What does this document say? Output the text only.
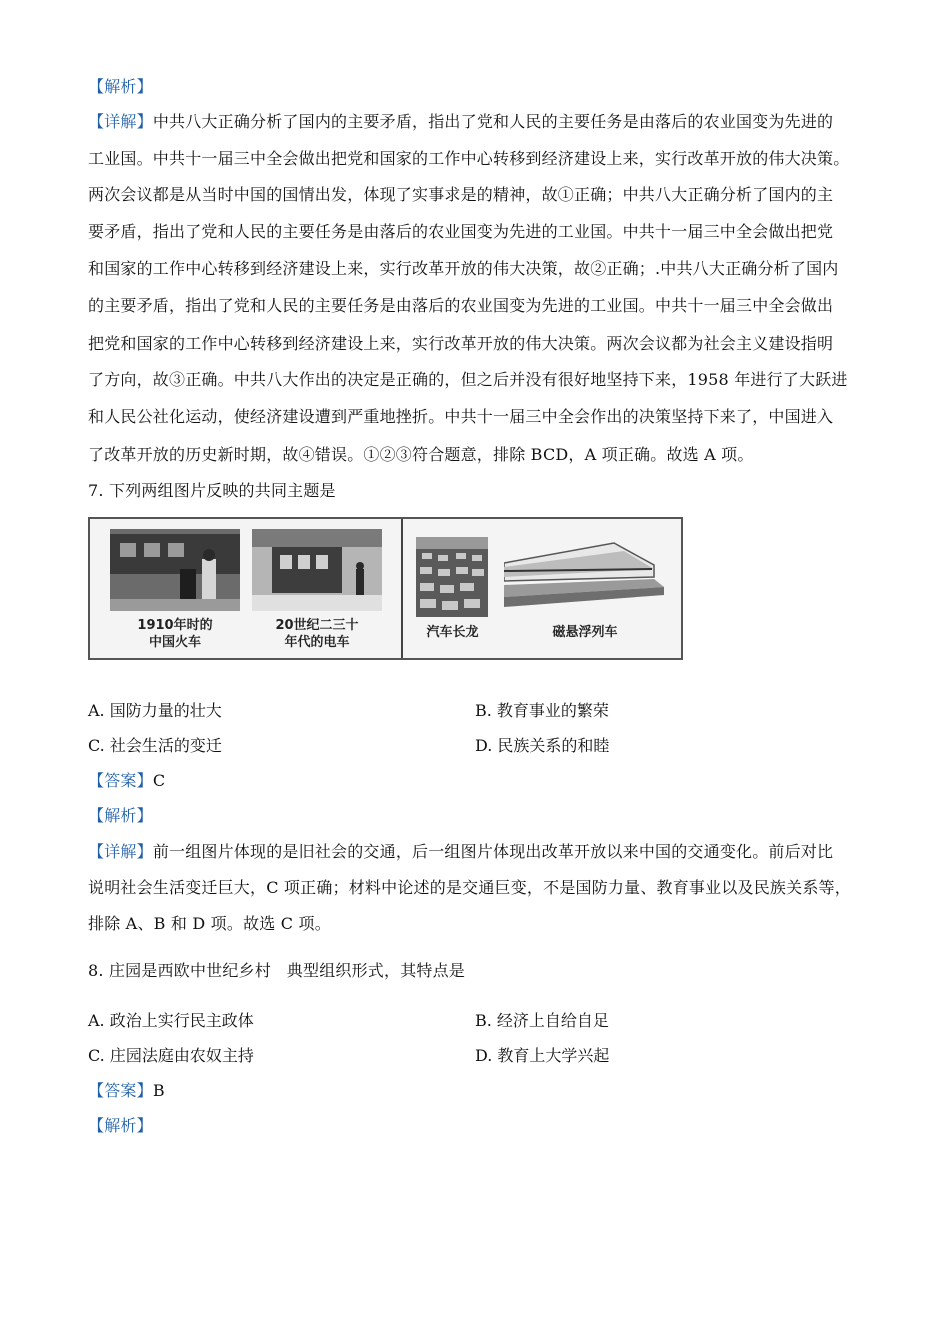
【解析】
【详解】中共八大正确分析了国内的主要矛盾，指出了党和人民的主要任务是由落后的农业国变为先进的
工业国。中共十一届三中全会做出把党和国家的工作中心转移到经济建设上来，实行改革开放的伟大决策。
两次会议都是从当时中国的国情出发，体现了实事求是的精神，故①正确；中共八大正确分析了国内的主
要矛盾，指出了党和人民的主要任务是由落后的农业国变为先进的工业国。中共十一届三中全会做出把党
和国家的工作中心转移到经济建设上来，实行改革开放的伟大决策，故②正确；.中共八大正确分析了国内
的主要矛盾，指出了党和人民的主要任务是由落后的农业国变为先进的工业国。中共十一届三中全会做出
把党和国家的工作中心转移到经济建设上来，实行改革开放的伟大决策。两次会议都为社会主义建设指明
了方向，故③正确。中共八大作出的决定是正确的，但之后并没有很好地坚持下来，1958 年进行了大跃进
和人民公社化运动，使经济建设遭到严重地挫折。中共十一届三中全会作出的决策坚持下来了，中国进入
了改革开放的历史新时期，故④错误。①②③符合题意，排除 BCD，A 项正确。故选 A 项。
7. 下列两组图片反映的共同主题是
1910年时的
中国火车
20世纪二三十
年代的电车
汽车长龙	磁悬浮列车
A. 国防力量的壮大	B. 教育事业的繁荣
C. 社会生活的变迁	D. 民族关系的和睦
【答案】C
【解析】
【详解】前一组图片体现的是旧社会的交通，后一组图片体现出改革开放以来中国的交通变化。前后对比
说明社会生活变迁巨大，C 项正确；材料中论述的是交通巨变，不是国防力量、教育事业以及民族关系等，
排除 A、B 和 D 项。故选 C 项。
8. 庄园是西欧中世纪乡村   典型组织形式，其特点是
A. 政治上实行民主政体	B. 经济上自给自足
C. 庄园法庭由农奴主持	D. 教育上大学兴起
【答案】B
【解析】
